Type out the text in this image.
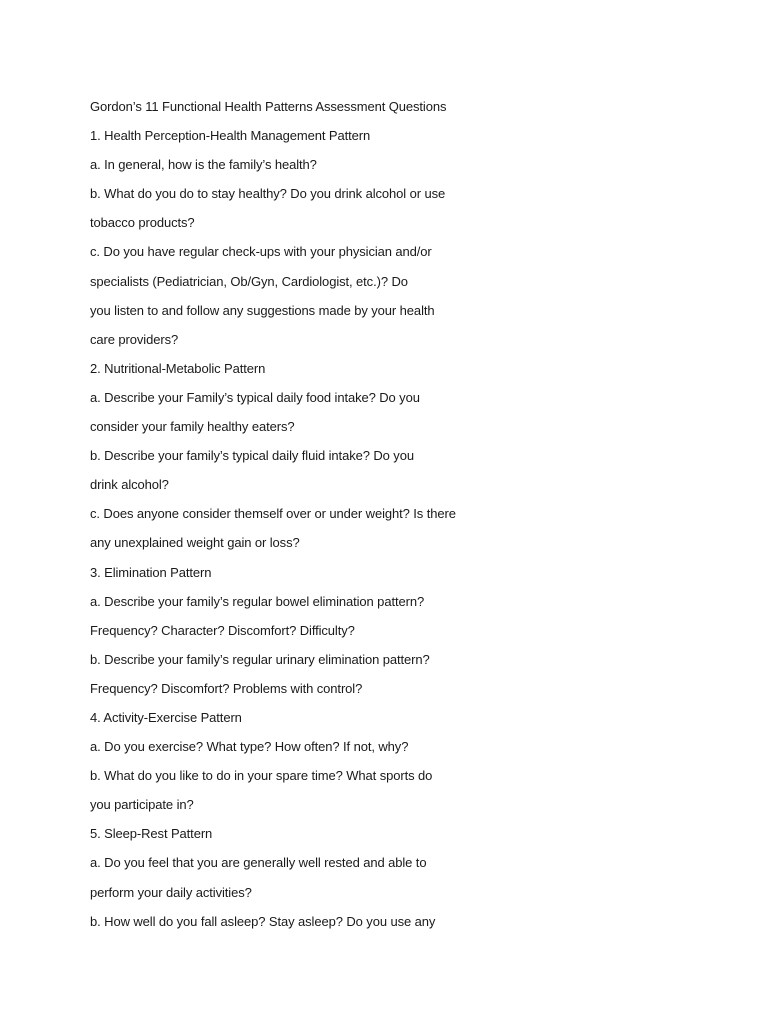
Gordon’s 11 Functional Health Patterns Assessment Questions
1. Health Perception-Health Management Pattern
a. In general, how is the family’s health?
b. What do you do to stay healthy? Do you drink alcohol or use
tobacco products?
c. Do you have regular check-ups with your physician and/or
specialists (Pediatrician, Ob/Gyn, Cardiologist, etc.)? Do
you listen to and follow any suggestions made by your health
care providers?
2. Nutritional-Metabolic Pattern
a. Describe your Family’s typical daily food intake? Do you
consider your family healthy eaters?
b. Describe your family’s typical daily fluid intake? Do you
drink alcohol?
c. Does anyone consider themself over or under weight? Is there
any unexplained weight gain or loss?
3. Elimination Pattern
a. Describe your family’s regular bowel elimination pattern?
Frequency? Character? Discomfort? Difficulty?
b. Describe your family’s regular urinary elimination pattern?
Frequency? Discomfort? Problems with control?
4. Activity-Exercise Pattern
a. Do you exercise? What type? How often? If not, why?
b. What do you like to do in your spare time? What sports do
you participate in?
5. Sleep-Rest Pattern
a. Do you feel that you are generally well rested and able to
perform your daily activities?
b. How well do you fall asleep? Stay asleep? Do you use any
